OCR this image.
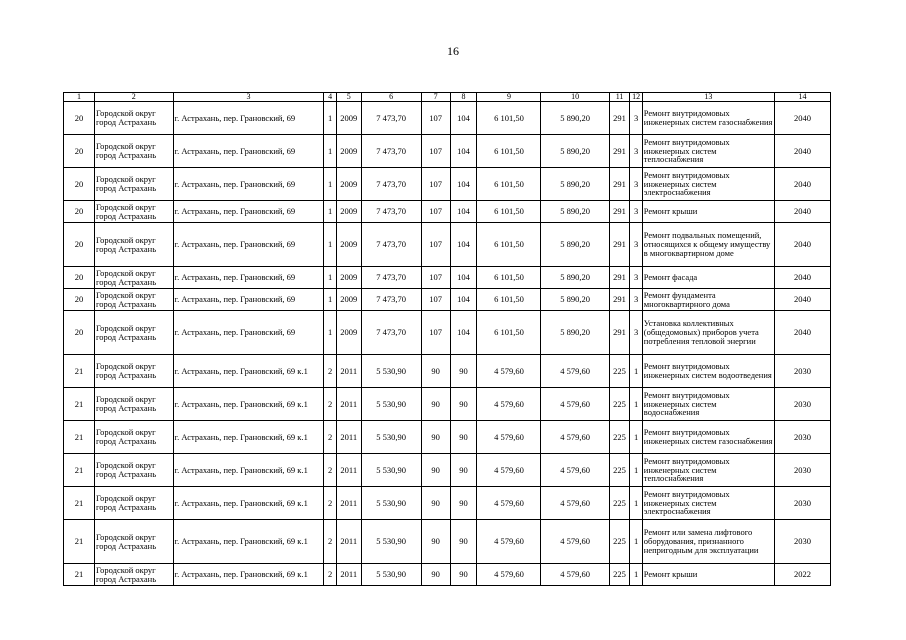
16
1	2	3	4	5	6	7	8	9	10	11	12	13	14
20	Городской округ город Астрахань	г. Астрахань, пер. Грановский, 69	1	2009	7 473,70	107	104	6 101,50	5 890,20	291	3	Ремонт внутридомовых инженерных систем газоснабжения	2040
20	Городской округ город Астрахань	г. Астрахань, пер. Грановский, 69	1	2009	7 473,70	107	104	6 101,50	5 890,20	291	3	Ремонт внутридомовых инженерных систем теплоснабжения	2040
20	Городской округ город Астрахань	г. Астрахань, пер. Грановский, 69	1	2009	7 473,70	107	104	6 101,50	5 890,20	291	3	Ремонт внутридомовых инженерных систем электроснабжения	2040
20	Городской округ город Астрахань	г. Астрахань, пер. Грановский, 69	1	2009	7 473,70	107	104	6 101,50	5 890,20	291	3	Ремонт крыши	2040
20	Городской округ город Астрахань	г. Астрахань, пер. Грановский, 69	1	2009	7 473,70	107	104	6 101,50	5 890,20	291	3	Ремонт подвальных помещений, относящихся к общему имуществу в многоквартирном доме	2040
20	Городской округ город Астрахань	г. Астрахань, пер. Грановский, 69	1	2009	7 473,70	107	104	6 101,50	5 890,20	291	3	Ремонт фасада	2040
20	Городской округ город Астрахань	г. Астрахань, пер. Грановский, 69	1	2009	7 473,70	107	104	6 101,50	5 890,20	291	3	Ремонт фундамента многоквартирного дома	2040
20	Городской округ город Астрахань	г. Астрахань, пер. Грановский, 69	1	2009	7 473,70	107	104	6 101,50	5 890,20	291	3	Установка коллективных (общедомовых) приборов учета потребления тепловой энергии	2040
21	Городской округ город Астрахань	г. Астрахань, пер. Грановский, 69 к.1	2	2011	5 530,90	90	90	4 579,60	4 579,60	225	1	Ремонт внутридомовых инженерных систем водоотведения	2030
21	Городской округ город Астрахань	г. Астрахань, пер. Грановский, 69 к.1	2	2011	5 530,90	90	90	4 579,60	4 579,60	225	1	Ремонт внутридомовых инженерных систем водоснабжения	2030
21	Городской округ город Астрахань	г. Астрахань, пер. Грановский, 69 к.1	2	2011	5 530,90	90	90	4 579,60	4 579,60	225	1	Ремонт внутридомовых инженерных систем газоснабжения	2030
21	Городской округ город Астрахань	г. Астрахань, пер. Грановский, 69 к.1	2	2011	5 530,90	90	90	4 579,60	4 579,60	225	1	Ремонт внутридомовых инженерных систем теплоснабжения	2030
21	Городской округ город Астрахань	г. Астрахань, пер. Грановский, 69 к.1	2	2011	5 530,90	90	90	4 579,60	4 579,60	225	1	Ремонт внутридомовых инженерных систем электроснабжения	2030
21	Городской округ город Астрахань	г. Астрахань, пер. Грановский, 69 к.1	2	2011	5 530,90	90	90	4 579,60	4 579,60	225	1	Ремонт или замена лифтового оборудования, признанного непригодным для эксплуатации	2030
21	Городской округ город Астрахань	г. Астрахань, пер. Грановский, 69 к.1	2	2011	5 530,90	90	90	4 579,60	4 579,60	225	1	Ремонт крыши	2022
